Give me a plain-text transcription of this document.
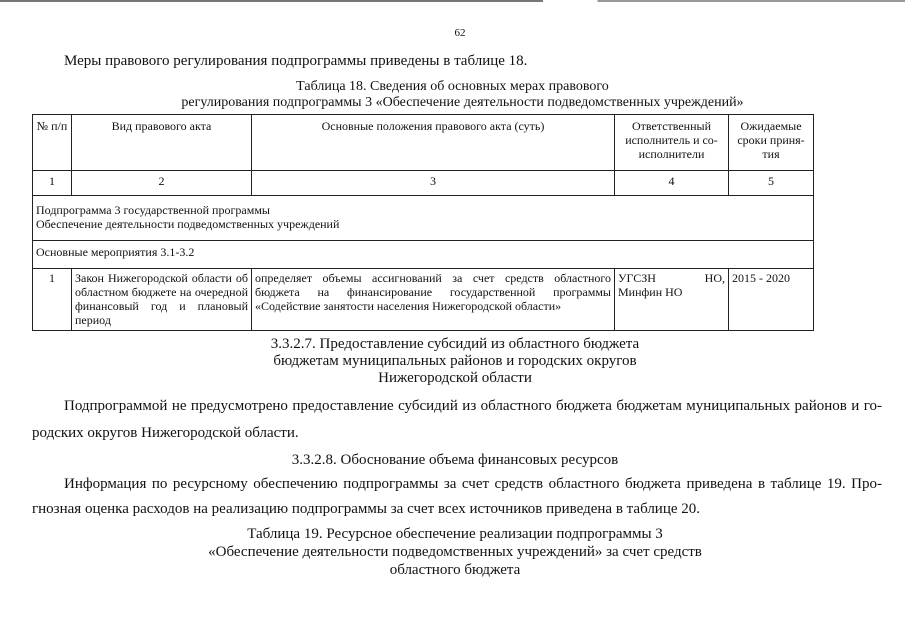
62
Меры правового регулирования подпрограммы приведены в таблице 18.
Таблица 18. Сведения об основных мерах правового
регулирования подпрограммы 3 «Обеспечение деятельности подведомственных учреждений»
№ п/п	Вид правового акта	Основные положения правового акта (суть)	Ответственный исполнитель и со-исполнители	Ожидаемые сроки приня-тия
1	2	3	4	5

Подпрограмма 3 государственной программы
Обеспечение деятельности подведомственных учреждений				

Основные мероприятия 3.1-3.2				
1	Закон Нижегородской области об областном бюджете на очередной финансовый год и плановый период	определяет объемы ассигнований за счет средств областного бюджета на финансирование государственной программы «Содействие занятости населения Нижегородской области»	УГСЗН НО, Минфин НО	2015 - 2020
3.3.2.7. Предоставление субсидий из областного бюджета
бюджетам муниципальных районов и городских округов
Нижегородской области
Подпрограммой не предусмотрено предоставление субсидий из областного бюджета бюджетам муниципальных районов и го-
родских округов Нижегородской области.
3.3.2.8. Обоснование объема финансовых ресурсов
Информация по ресурсному обеспечению подпрограммы за счет средств областного бюджета приведена в таблице 19. Про-
гнозная оценка расходов на реализацию подпрограммы за счет всех источников приведена в таблице 20.
Таблица 19. Ресурсное обеспечение реализации подпрограммы 3
«Обеспечение деятельности подведомственных учреждений» за счет средств
областного бюджета
